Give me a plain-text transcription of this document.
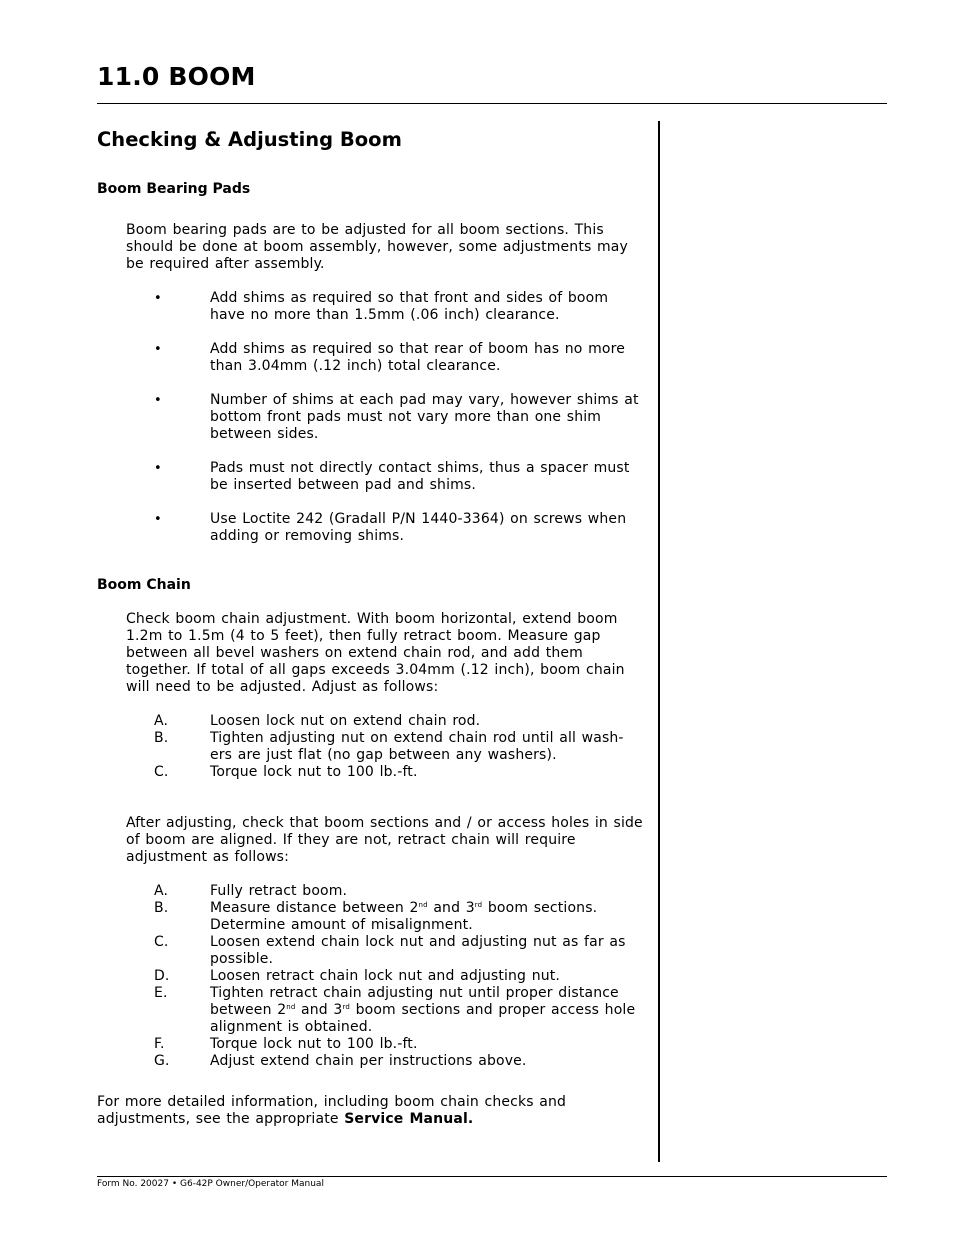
11.0 BOOM
Checking & Adjusting Boom
Boom Bearing Pads

Boom bearing pads are to be adjusted for all boom sections. This should be done at boom assembly, however, some adjustments may be required after assembly.

•	Add shims as required so that front and sides of boom have no more than 1.5mm (.06 inch) clearance.
•	Add shims as required so that rear of boom has no more than 3.04mm (.12 inch) total clearance.
•	Number of shims at each pad may vary, however shims at bottom front pads must not vary more than one shim between sides.
•	Pads must not directly contact shims, thus a spacer must be inserted between pad and shims.
•	Use Loctite 242 (Gradall P/N 1440-3364) on screws when adding or removing shims.
Boom Chain

Check boom chain adjustment. With boom horizontal, extend boom 1.2m to 1.5m (4 to 5 feet), then fully retract boom. Measure gap between all bevel washers on extend chain rod, and add them together. If total of all gaps exceeds 3.04mm (.12 inch), boom chain will need to be adjusted. Adjust as follows:

A.	Loosen lock nut on extend chain rod.
B.	Tighten adjusting nut on extend chain rod until all wash-ers are just flat (no gap between any washers).
C.	Torque lock nut to 100 lb.-ft.

After adjusting, check that boom sections and / or access holes in side of boom are aligned. If they are not, retract chain will require adjustment as follows:

A.	Fully retract boom.
B.	Measure distance between 2nd and 3rd boom sections. Determine amount of misalignment.
C.	Loosen extend chain lock nut and adjusting nut as far as possible.
D.	Loosen retract chain lock nut and adjusting nut.
E.	Tighten retract chain adjusting nut until proper distance between 2nd and 3rd boom sections and proper access hole alignment is obtained.
F.	Torque lock nut to 100 lb.-ft.
G.	Adjust extend chain per instructions above.

For more detailed information, including boom chain checks and adjustments, see the appropriate Service Manual.

Form No. 20027 • G6-42P Owner/Operator Manual
